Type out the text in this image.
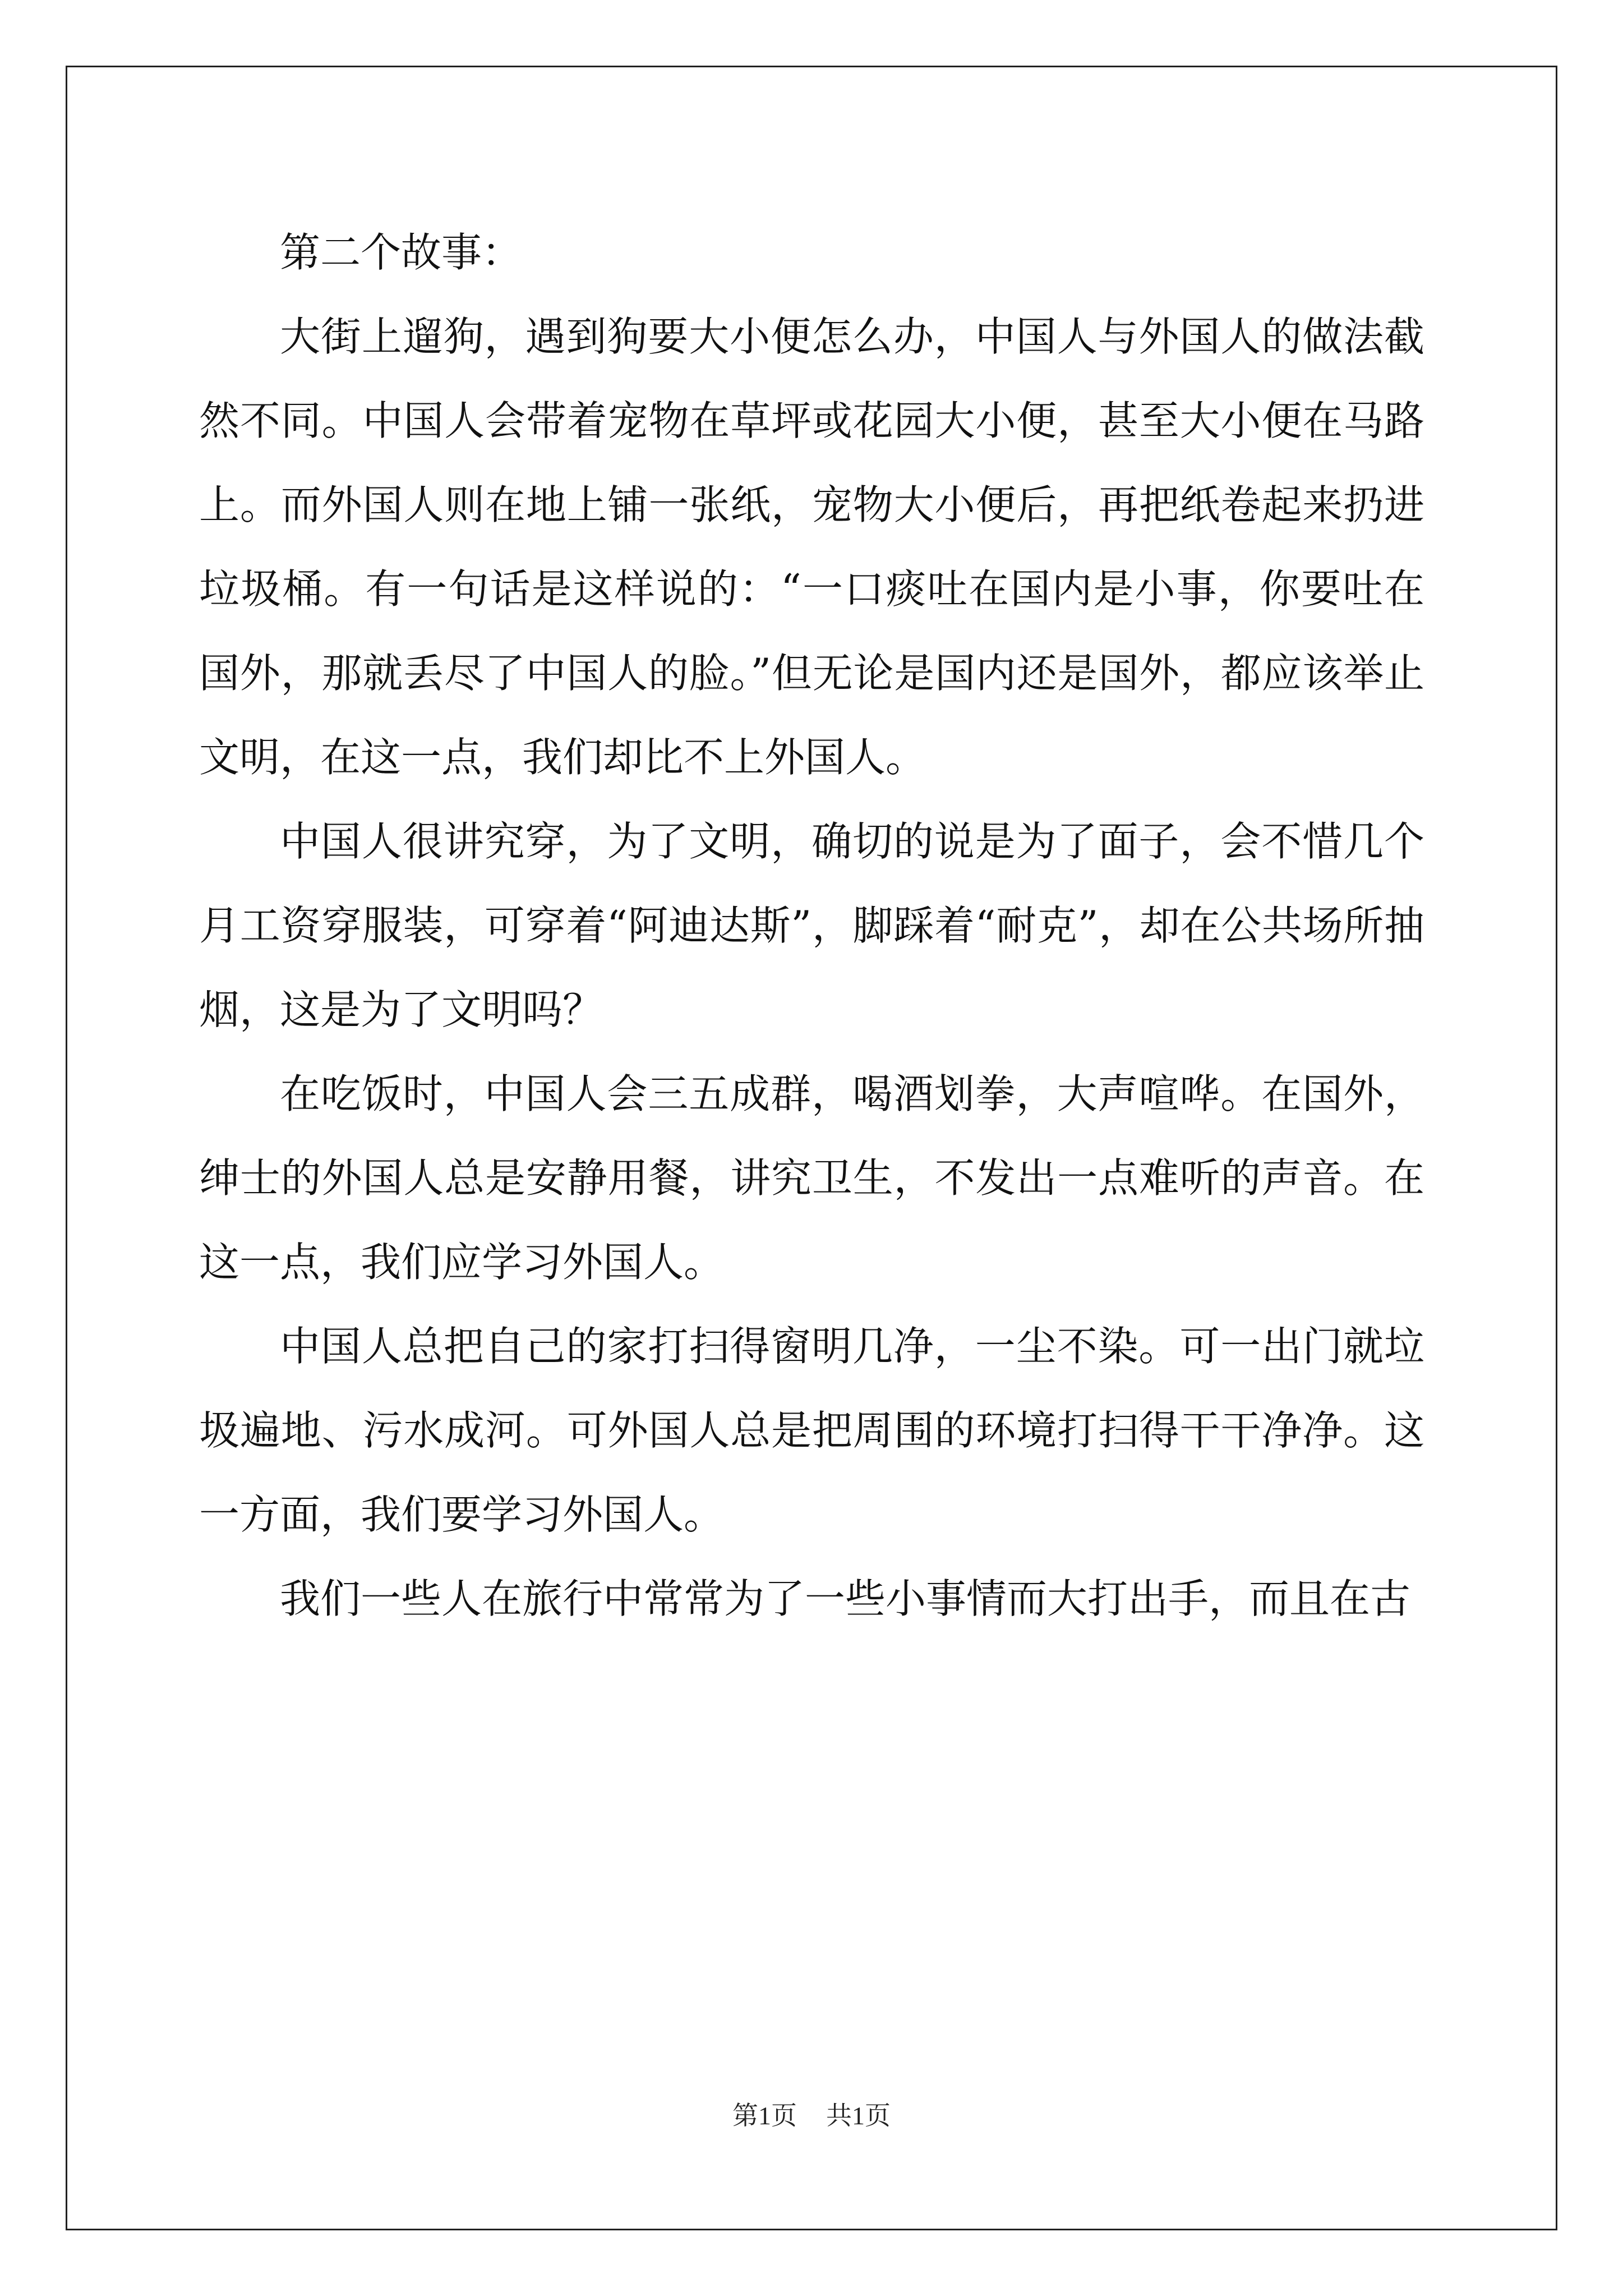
第二个故事：

大街上遛狗，遇到狗要大小便怎么办，中国人与外国人的做法截然不同。中国人会带着宠物在草坪或花园大小便，甚至大小便在马路上。而外国人则在地上铺一张纸，宠物大小便后，再把纸卷起来扔进垃圾桶。有一句话是这样说的：“一口痰吐在国内是小事，你要吐在国外，那就丢尽了中国人的脸。”但无论是国内还是国外，都应该举止文明，在这一点，我们却比不上外国人。

中国人很讲究穿，为了文明，确切的说是为了面子，会不惜几个月工资穿服装，可穿着“阿迪达斯”，脚踩着“耐克”，却在公共场所抽烟，这是为了文明吗？

在吃饭时，中国人会三五成群，喝酒划拳，大声喧哗。在国外，绅士的外国人总是安静用餐，讲究卫生，不发出一点难听的声音。在这一点，我们应学习外国人。

中国人总把自己的家打扫得窗明几净，一尘不染。可一出门就垃圾遍地、污水成河。可外国人总是把周围的环境打扫得干干净净。这一方面，我们要学习外国人。

我们一些人在旅行中常常为了一些小事情而大打出手，而且在古

第1页 共1页
